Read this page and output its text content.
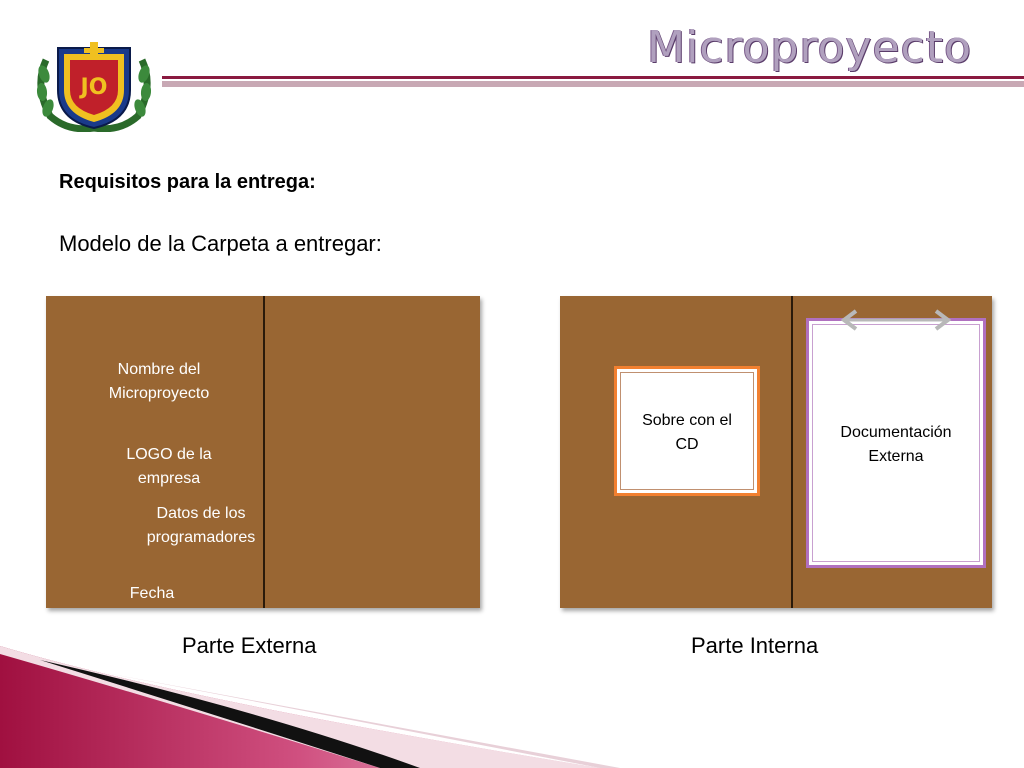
Microproyecto
JO
Requisitos para la entrega:
Modelo de la Carpeta a entregar:
Nombre del
Microproyecto
LOGO de la
empresa
Datos de los
programadores
Fecha
Parte Externa
Sobre con el
CD
Documentación
Externa
Parte Interna
